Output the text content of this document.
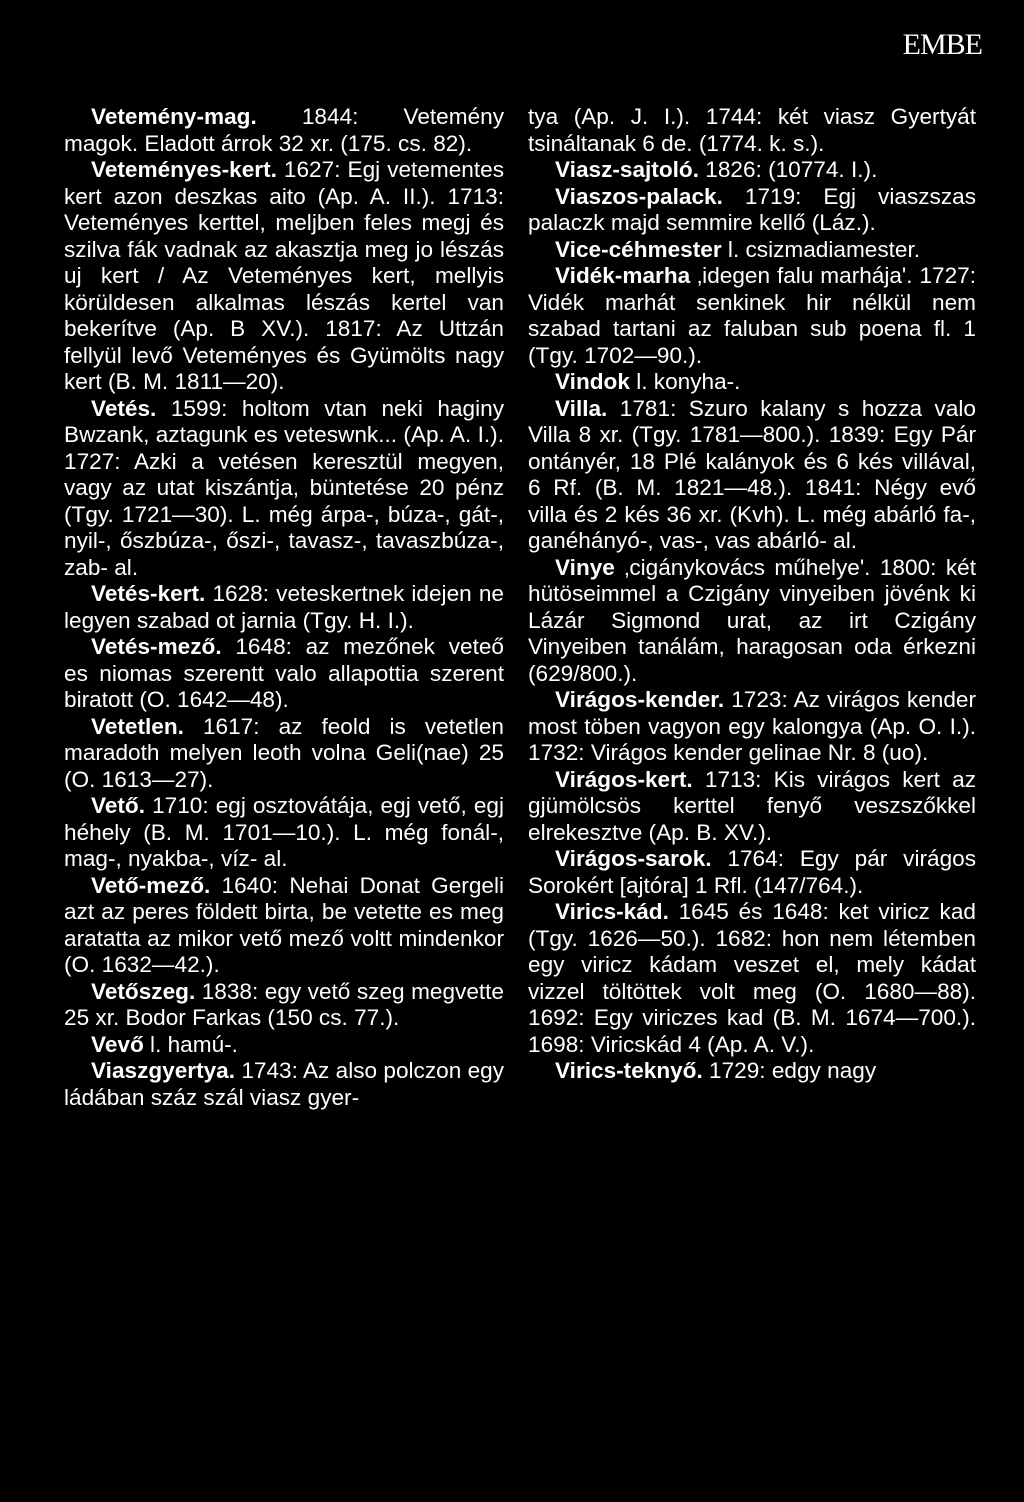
EMBE
Vetemény-mag. 1844: Vetemény magok. Eladott árrok 32 xr. (175. cs. 82).
Veteményes-kert. 1627: Egj vetementes kert azon deszkas aito (Ap. A. II.). 1713: Veteményes kerttel, meljben feles megj és szilva fák vadnak az akasztja meg jo lészás uj kert / Az Veteményes kert, mellyis körüldesen alkalmas lészás kertel van bekerítve (Ap. B XV.). 1817: Az Uttzán fellyül levő Veteményes és Gyümölts nagy kert (B. M. 1811—20).
Vetés. 1599: holtom vtan neki haginy Bwzank, aztagunk es veteswnk... (Ap. A. I.). 1727: Azki a vetésen keresztül megyen, vagy az utat kiszántja, büntetése 20 pénz (Tgy. 1721—30). L. még árpa-, búza-, gát-, nyil-, őszbúza-, őszi-, tavasz-, tavaszbúza-, zab- al.
Vetés-kert. 1628: veteskertnek idejen ne legyen szabad ot jarnia (Tgy. H. I.).
Vetés-mező. 1648: az mezőnek veteő es niomas szerentt valo allapottia szerent biratott (O. 1642—48).
Vetetlen. 1617: az feold is vetetlen maradoth melyen leoth volna Geli(nae) 25 (O. 1613—27).
Vető. 1710: egj osztovátája, egj vető, egj héhely (B. M. 1701—10.). L. még fonál-, mag-, nyakba-, víz- al.
Vető-mező. 1640: Nehai Donat Gergeli azt az peres földett birta, be vetette es meg aratatta az mikor vető mező voltt mindenkor (O. 1632—42.).
Vetőszeg. 1838: egy vető szeg megvette 25 xr. Bodor Farkas (150 cs. 77.).
Vevő l. hamú-.
Viaszgyertya. 1743: Az also polczon egy ládában száz szál viasz gyer-
tya (Ap. J. I.). 1744: két viasz Gyertyát tsináltanak 6 de. (1774. k. s.).
Viasz-sajtoló. 1826: (10774. I.).
Viaszos-palack. 1719: Egj viaszszas palaczk majd semmire kellő (Láz.).
Vice-céhmester l. csizmadiamester.
Vidék-marha ‚idegen falu marhája'. 1727: Vidék marhát senkinek hir nélkül nem szabad tartani az faluban sub poena fl. 1 (Tgy. 1702—90.).
Vindok l. konyha-.
Villa. 1781: Szuro kalany s hozza valo Villa 8 xr. (Tgy. 1781—800.). 1839: Egy Pár ontányér, 18 Plé kalányok és 6 kés villával, 6 Rf. (B. M. 1821—48.). 1841: Négy evő villa és 2 kés 36 xr. (Kvh). L. még abárló fa-, ganéhányó-, vas-, vas abárló- al.
Vinye ‚cigánykovács műhelye'. 1800: két hütöseimmel a Czigány vinyeiben jövénk ki Lázár Sigmond urat, az irt Czigány Vinyeiben tanálám, haragosan oda érkezni (629/800.).
Virágos-kender. 1723: Az virágos kender most töben vagyon egy kalongya (Ap. O. I.). 1732: Virágos kender gelinae Nr. 8 (uo).
Virágos-kert. 1713: Kis virágos kert az gjümölcsös kerttel fenyő veszszőkkel elrekesztve (Ap. B. XV.).
Virágos-sarok. 1764: Egy pár virágos Sorokért [ajtóra] 1 Rfl. (147/764.).
Virics-kád. 1645 és 1648: ket viricz kad (Tgy. 1626—50.). 1682: hon nem létemben egy viricz kádam veszet el, mely kádat vizzel töltöttek volt meg (O. 1680—88). 1692: Egy viriczes kad (B. M. 1674—700.). 1698: Viricskád 4 (Ap. A. V.).
Virics-teknyő. 1729: edgy nagy
